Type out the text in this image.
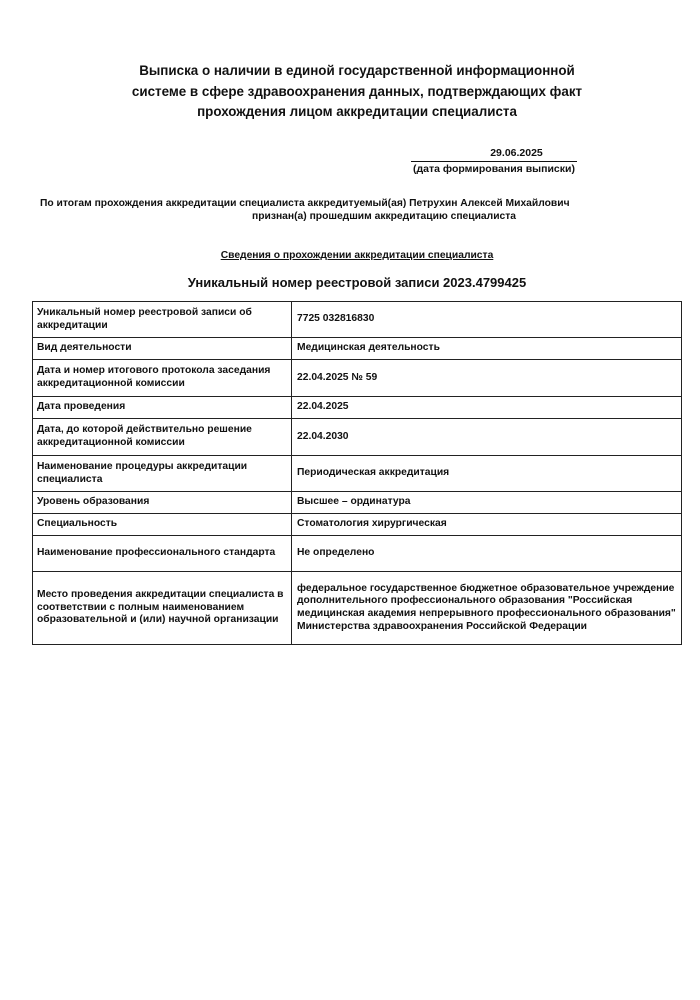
Выписка о наличии в единой государственной информационной
системе в сфере здравоохранения данных, подтверждающих факт
прохождения лицом аккредитации специалиста
29.06.2025
(дата формирования выписки)
По итогам прохождения аккредитации специалиста аккредитуемый(ая) Петрухин Алексей Михайлович
признан(а) прошедшим аккредитацию специалиста
Сведения о прохождении аккредитации специалиста
Уникальный номер реестровой записи 2023.4799425
Уникальный номер реестровой записи об аккредитации	7725 032816830
Вид деятельности	Медицинская деятельность
Дата и номер итогового протокола заседания аккредитационной комиссии	22.04.2025 № 59
Дата проведения	22.04.2025
Дата, до которой действительно решение аккредитационной комиссии	22.04.2030
Наименование процедуры аккредитации специалиста	Периодическая аккредитация
Уровень образования	Высшее – ординатура
Специальность	Стоматология хирургическая
Наименование профессионального стандарта	Не определено
Место проведения аккредитации специалиста в соответствии с полным наименованием образовательной и (или) научной организации	федеральное государственное бюджетное образовательное учреждение дополнительного профессионального образования "Российская медицинская академия непрерывного профессионального образования" Министерства здравоохранения Российской Федерации
